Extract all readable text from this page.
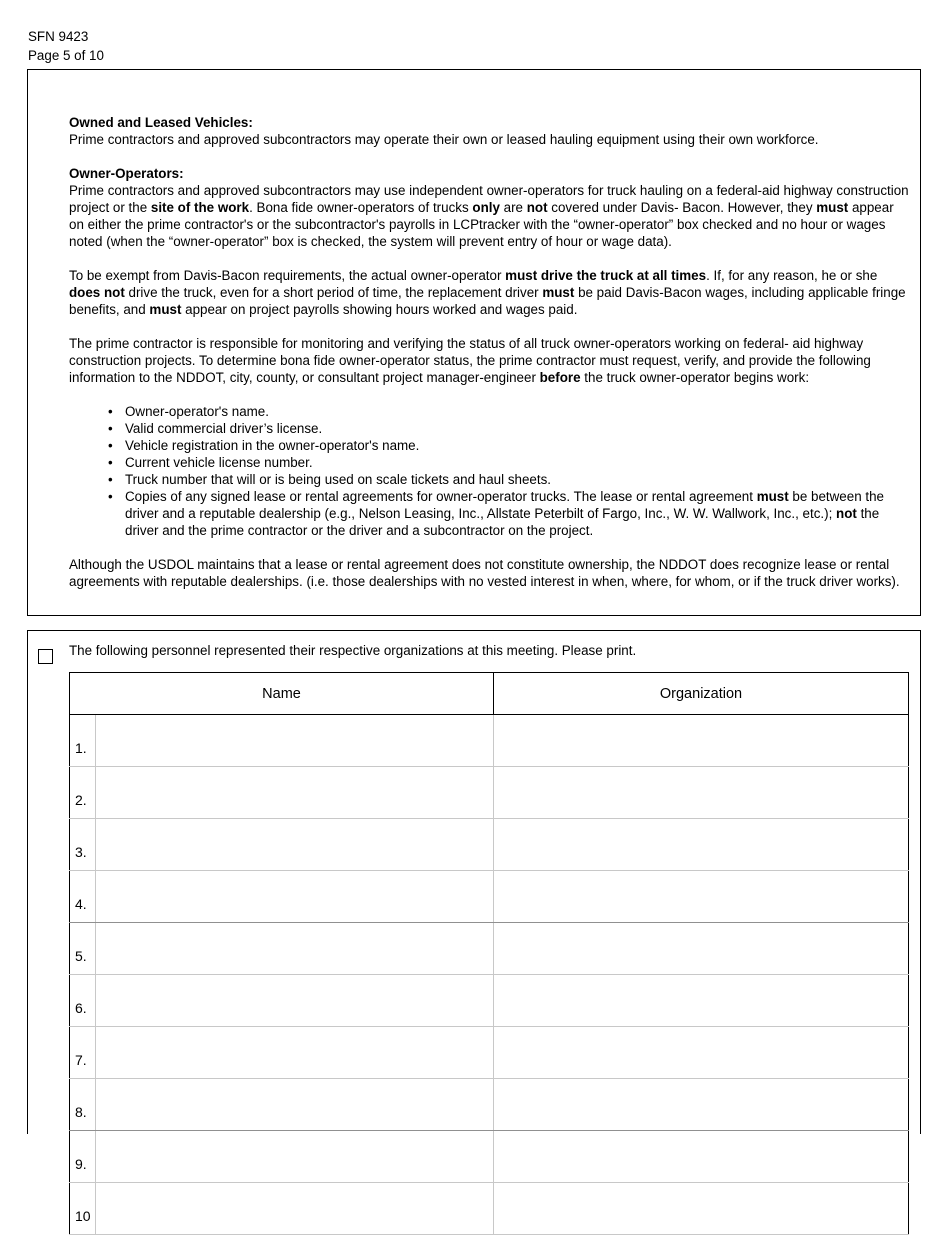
SFN 9423
Page 5 of 10

Owned and Leased Vehicles:

Prime contractors and approved subcontractors may operate their own or leased hauling equipment using their own workforce.

Owner-Operators:

Prime contractors and approved subcontractors may use independent owner-operators for truck hauling on a federal-aid highway construction project or the site of the work. Bona fide owner-operators of trucks only are not covered under Davis- Bacon. However, they must appear on either the prime contractor's or the subcontractor's payrolls in LCPtracker with the “owner-operator” box checked and no hour or wages noted (when the “owner-operator” box is checked, the system will prevent entry of hour or wage data).

To be exempt from Davis-Bacon requirements, the actual owner-operator must drive the truck at all times. If, for any reason, he or she does not drive the truck, even for a short period of time, the replacement driver must be paid Davis-Bacon wages, including applicable fringe benefits, and must appear on project payrolls showing hours worked and wages paid.

The prime contractor is responsible for monitoring and verifying the status of all truck owner-operators working on federal- aid highway construction projects. To determine bona fide owner-operator status, the prime contractor must request, verify, and provide the following information to the NDDOT, city, county, or consultant project manager-engineer before the truck owner-operator begins work:

• Owner-operator's name.
• Valid commercial driver’s license.
• Vehicle registration in the owner-operator's name.
• Current vehicle license number.
• Truck number that will or is being used on scale tickets and haul sheets.
• Copies of any signed lease or rental agreements for owner-operator trucks. The lease or rental agreement must be between the driver and a reputable dealership (e.g., Nelson Leasing, Inc., Allstate Peterbilt of Fargo, Inc., W. W. Wallwork, Inc., etc.); not the driver and the prime contractor or the driver and a subcontractor on the project.

Although the USDOL maintains that a lease or rental agreement does not constitute ownership, the NDDOT does recognize lease or rental agreements with reputable dealerships. (i.e. those dealerships with no vested interest in when, where, for whom, or if the truck driver works).

The following personnel represented their respective organizations at this meeting. Please print.
Name		Organization
1.		
2.		
3.		
4.		
5.		
6.		
7.		
8.		
9.		
10		
